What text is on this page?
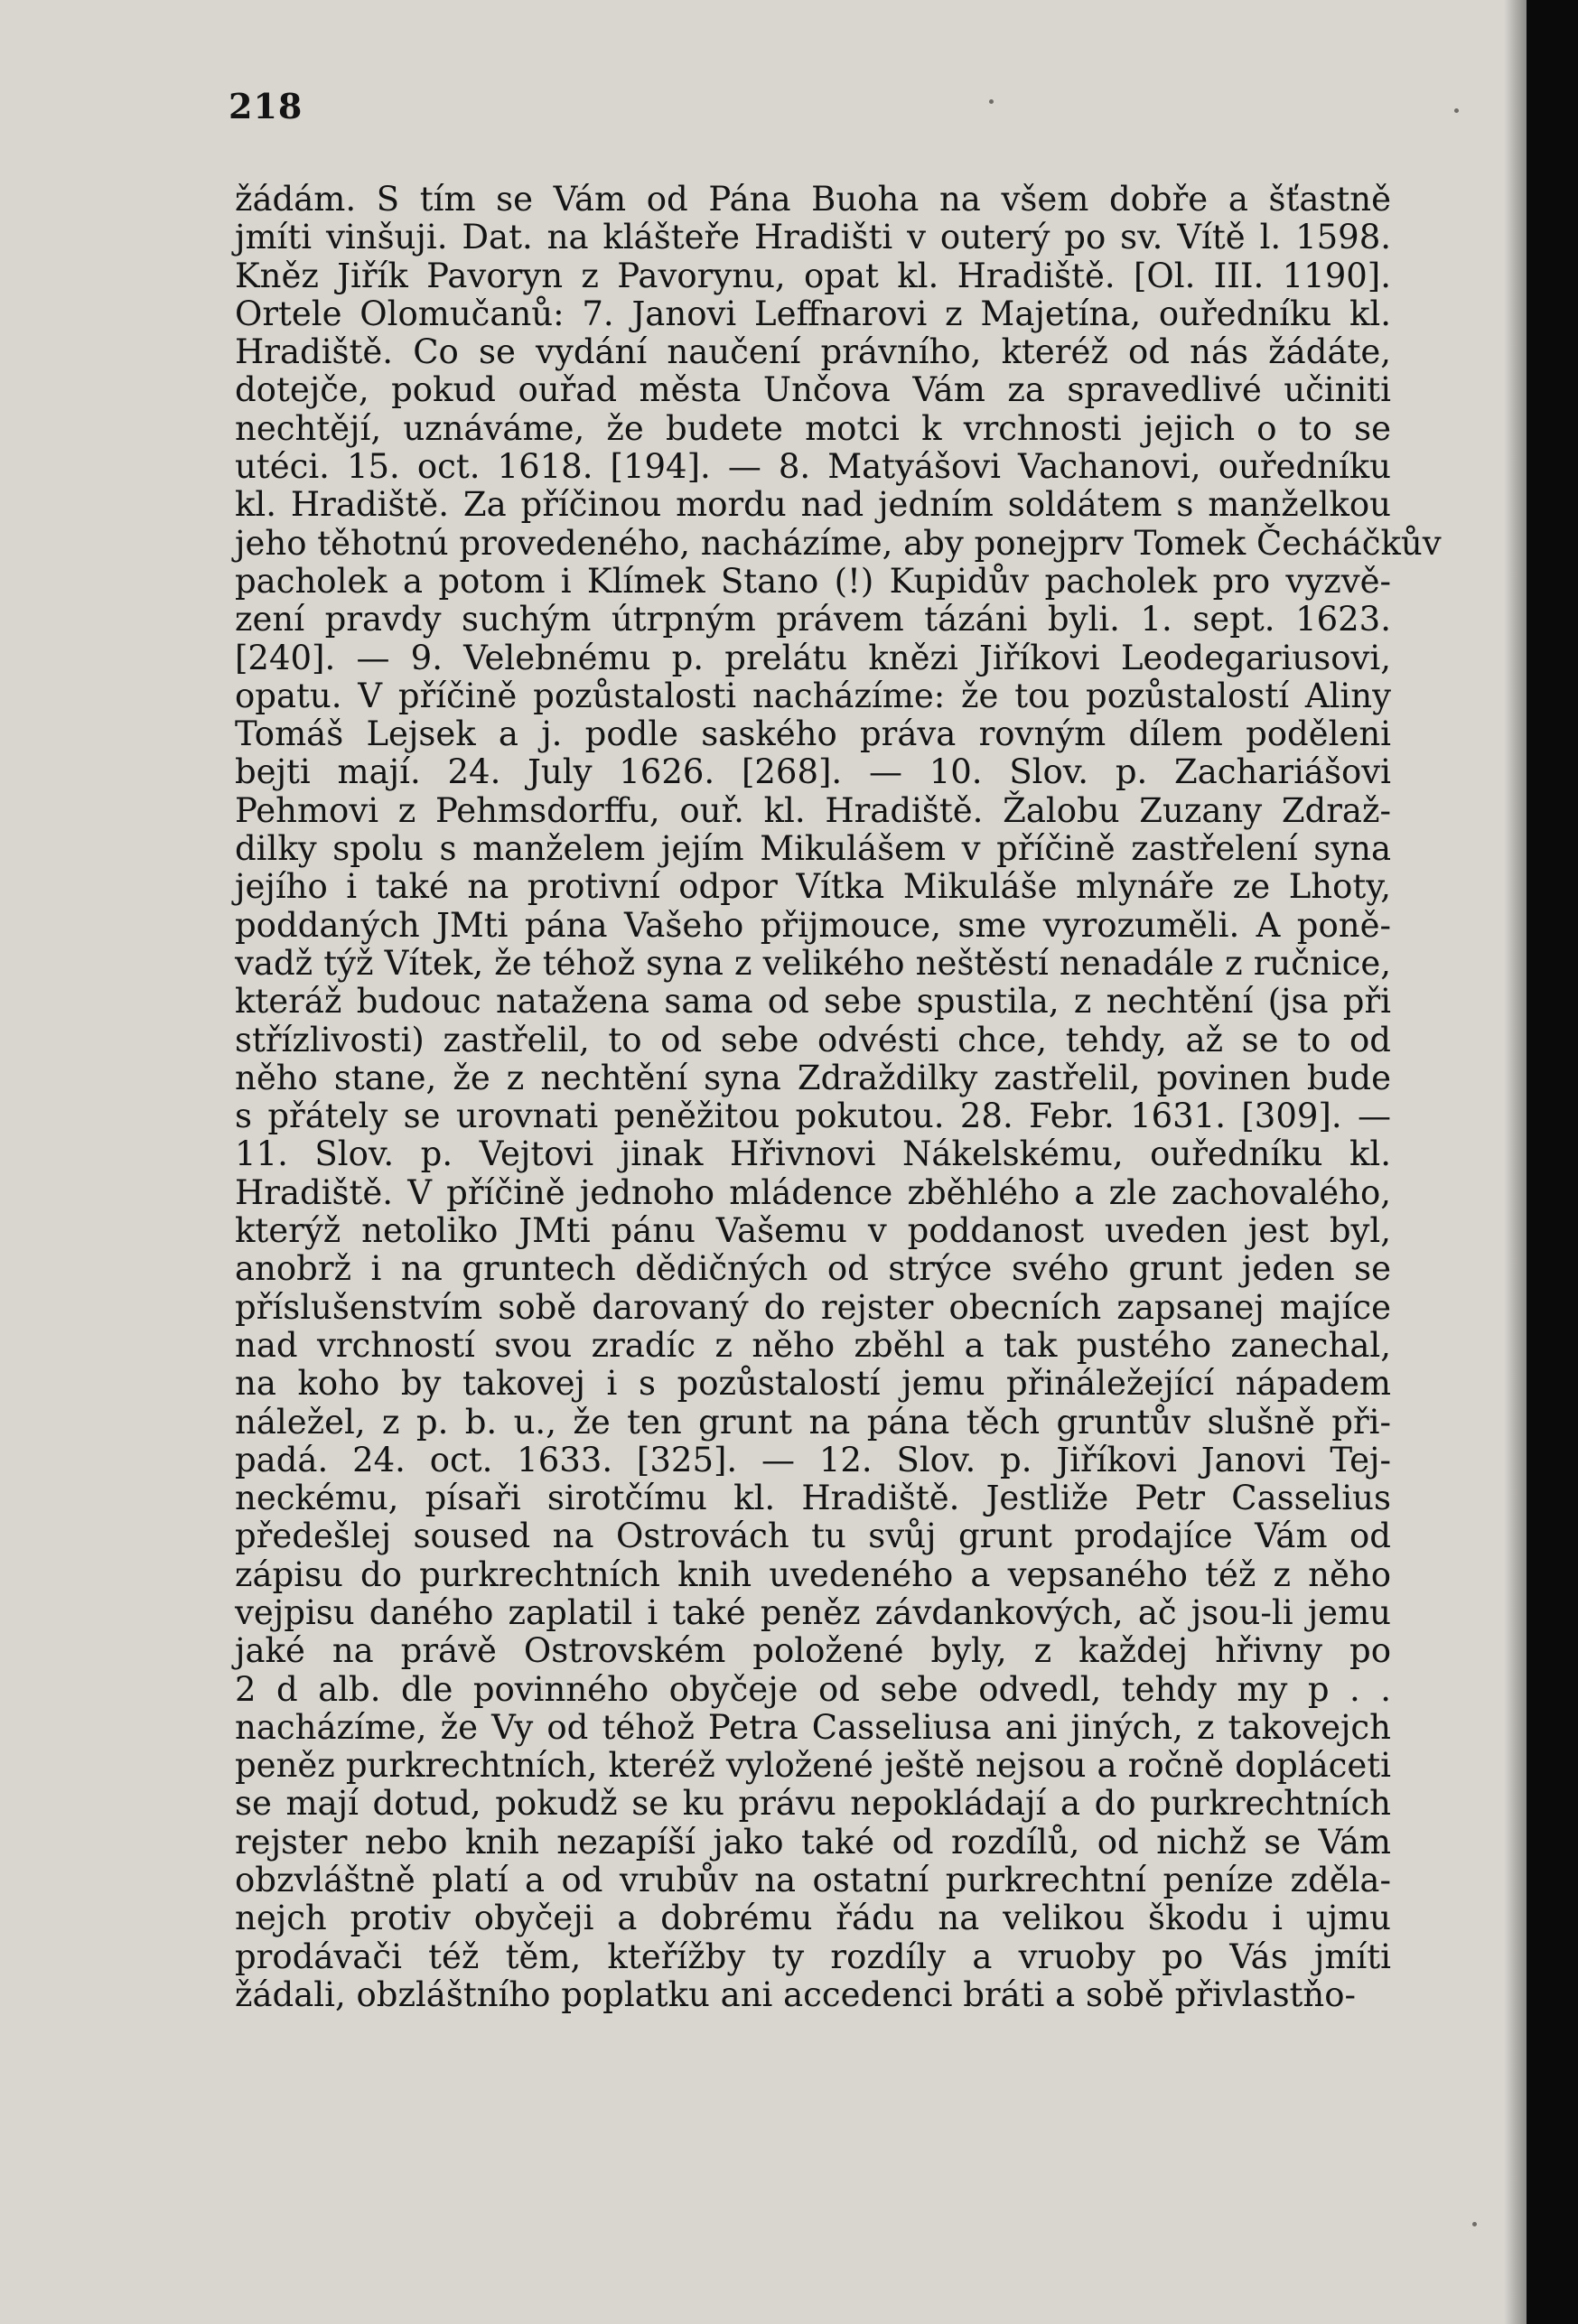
218
žádám. S tím se Vám od Pána Buoha na všem dobře a šťastně
jmíti vinšuji. Dat. na klášteře Hradišti v outerý po sv. Vítě l. 1598.
Kněz Jiřík Pavoryn z Pavorynu, opat kl. Hradiště. [Ol. III. 1190].
Ortele Olomučanů: 7. Janovi Leffnarovi z Majetína, ouředníku kl.
Hradiště. Co se vydání naučení právního, kteréž od nás žádáte,
dotejče, pokud ouřad města Unčova Vám za spravedlivé učiniti
nechtějí, uznáváme, že budete motci k vrchnosti jejich o to se
utéci. 15. oct. 1618. [194]. — 8. Matyášovi Vachanovi, ouředníku
kl. Hradiště. Za příčinou mordu nad jedním soldátem s manželkou
jeho těhotnú provedeného, nacházíme, aby ponejprv Tomek Čecháčkův
pacholek a potom i Klímek Stano (!) Kupidův pacholek pro vyzvě-
zení pravdy suchým útrpným právem tázáni byli. 1. sept. 1623.
[240]. — 9. Velebnému p. prelátu knězi Jiříkovi Leodegariusovi,
opatu. V příčině pozůstalosti nacházíme: že tou pozůstalostí Aliny
Tomáš Lejsek a j. podle saského práva rovným dílem poděleni
bejti mají. 24. July 1626. [268]. — 10. Slov. p. Zachariášovi
Pehmovi z Pehmsdorffu, ouř. kl. Hradiště. Žalobu Zuzany Zdraž-
dilky spolu s manželem jejím Mikulášem v příčině zastřelení syna
jejího i také na protivní odpor Vítka Mikuláše mlynáře ze Lhoty,
poddaných JMti pána Vašeho přijmouce, sme vyrozuměli. A poně-
vadž týž Vítek, že téhož syna z velikého neštěstí nenadále z ručnice,
kteráž budouc natažena sama od sebe spustila, z nechtění (jsa při
střízlivosti) zastřelil, to od sebe odvésti chce, tehdy, až se to od
něho stane, že z nechtění syna Zdraždilky zastřelil, povinen bude
s přátely se urovnati peněžitou pokutou. 28. Febr. 1631. [309]. —
11. Slov. p. Vejtovi jinak Hřivnovi Nákelskému, ouředníku kl.
Hradiště. V příčině jednoho mládence zběhlého a zle zachovalého,
kterýž netoliko JMti pánu Vašemu v poddanost uveden jest byl,
anobrž i na gruntech dědičných od strýce svého grunt jeden se
příslušenstvím sobě darovaný do rejster obecních zapsanej majíce
nad vrchností svou zradíc z něho zběhl a tak pustého zanechal,
na koho by takovej i s pozůstalostí jemu přináležející nápadem
náležel, z p. b. u., že ten grunt na pána těch gruntův slušně při-
padá. 24. oct. 1633. [325]. — 12. Slov. p. Jiříkovi Janovi Tej-
neckému, písaři sirotčímu kl. Hradiště. Jestliže Petr Casselius
předešlej soused na Ostrovách tu svůj grunt prodajíce Vám od
zápisu do purkrechtních knih uvedeného a vepsaného též z něho
vejpisu daného zaplatil i také peněz závdankových, ač jsou-li jemu
jaké na právě Ostrovském položené byly, z každej hřivny po
2 d alb. dle povinného obyčeje od sebe odvedl, tehdy my p . .
nacházíme, že Vy od téhož Petra Casseliusa ani jiných, z takovejch
peněz purkrechtních, kteréž vyložené ještě nejsou a ročně dopláceti
se mají dotud, pokudž se ku právu nepokládají a do purkrechtních
rejster nebo knih nezapíší jako také od rozdílů, od nichž se Vám
obzvláštně platí a od vrubův na ostatní purkrechtní peníze zděla-
nejch protiv obyčeji a dobrému řádu na velikou škodu i ujmu
prodávači též těm, kteřížby ty rozdíly a vruoby po Vás jmíti
žádali, obzláštního poplatku ani accedenci bráti a sobě přivlastňo-
